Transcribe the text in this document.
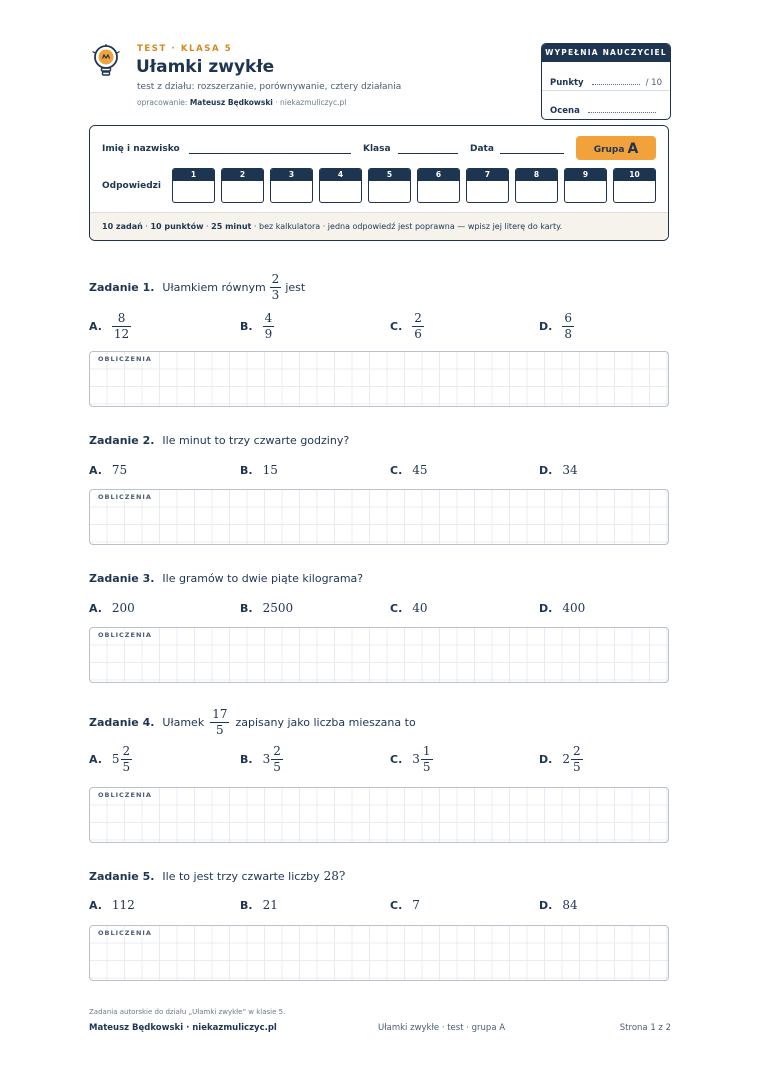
TEST · KLASA 5
Ułamki zwykłe
test z działu: rozszerzanie, porównywanie, cztery działania
opracowanie: Mateusz Będkowski · niekazmuliczyc.pl
WYPEŁNIA NAUCZYCIEL
Punkty	/ 10
Ocena
Imię i nazwisko	Klasa	Data	Grupa A
Odpowiedzi
1	2	3	4	5	6	7	8	9	10
10 zadań · 10 punktów · 25 minut · bez kalkulatora · jedna odpowiedź jest poprawna — wpisz jej literę do karty.
Zadanie 1. Ułamkiem równym $\frac{2}{3}$ jest
A. $\frac{8}{12}$	B. $\frac{4}{9}$	C. $\frac{2}{6}$	D. $\frac{6}{8}$
OBLICZENIA
Zadanie 2. Ile minut to trzy czwarte godziny?
A. 75	B. 15	C. 45	D. 34
OBLICZENIA
Zadanie 3. Ile gramów to dwie piąte kilograma?
A. 200	B. 2500	C. 40	D. 400
OBLICZENIA
Zadanie 4. Ułamek $\frac{17}{5}$ zapisany jako liczba mieszana to
A. $5 \frac{2}{5}$	B. $3 \frac{2}{5}$	C. $3 \frac{1}{5}$	D. $2 \frac{2}{5}$
OBLICZENIA
Zadanie 5. Ile to jest trzy czwarte liczby 28?
A. 112	B. 21	C. 7	D. 84
OBLICZENIA
Zadania autorskie do działu „Ułamki zwykłe” w klasie 5.
Mateusz Będkowski · niekazmuliczyc.pl	Ułamki zwykłe · test · grupa A	Strona 1 z 2
